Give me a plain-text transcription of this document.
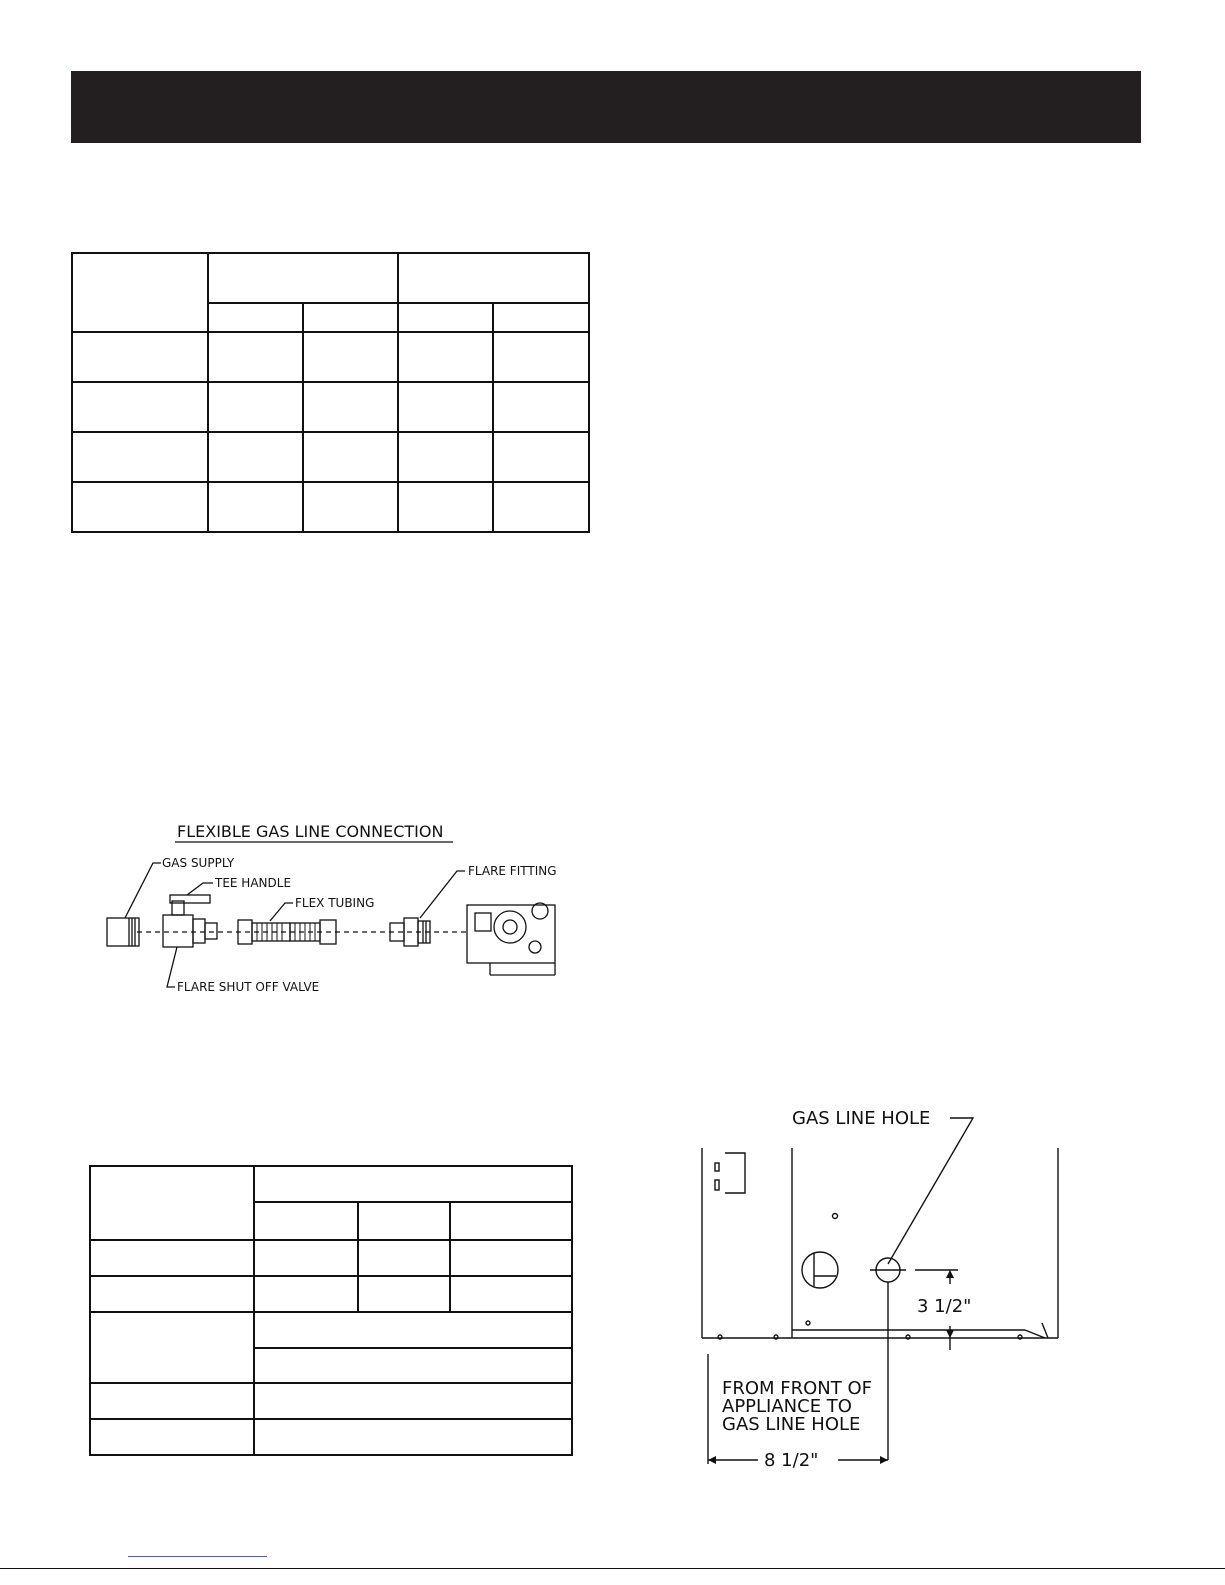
FLEXIBLE GAS LINE CONNECTION
GAS SUPPLY
TEE HANDLE
FLEX TUBING
FLARE FITTING
FLARE SHUT OFF VALVE

GAS LINE HOLE
3 1/2"
FROM FRONT OF
APPLIANCE TO
GAS LINE HOLE
8 1/2"
